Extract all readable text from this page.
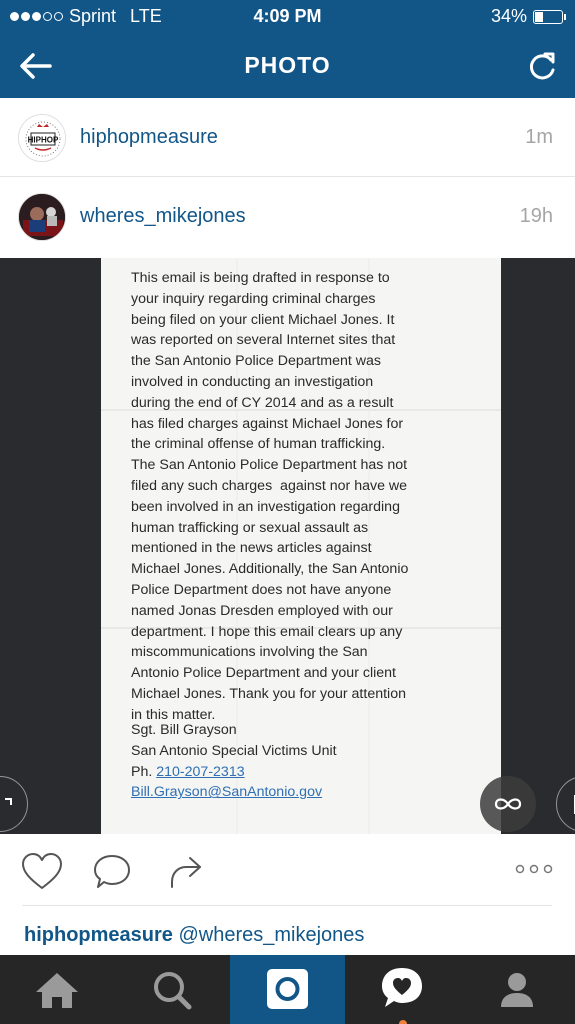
Sprint LTE	4:09 PM	34%
PHOTO
HIPHOP hiphopmeasure	1m
wheres_mikejones	19h
This email is being drafted in response to
your inquiry regarding criminal charges
being filed on your client Michael Jones. It
was reported on several Internet sites that
the San Antonio Police Department was
involved in conducting an investigation
during the end of CY 2014 and as a result
has filed charges against Michael Jones for
the criminal offense of human trafficking.
The San Antonio Police Department has not
filed any such charges  against nor have we
been involved in an investigation regarding
human trafficking or sexual assault as
mentioned in the news articles against
Michael Jones. Additionally, the San Antonio
Police Department does not have anyone
named Jonas Dresden employed with our
department. I hope this email clears up any
miscommunications involving the San
Antonio Police Department and your client
Michael Jones. Thank you for your attention
in this matter.
Sgt. Bill Grayson
San Antonio Special Victims Unit
Ph. 210-207-2313
Bill.Grayson@SanAntonio.gov
hiphopmeasure @wheres_mikejones
